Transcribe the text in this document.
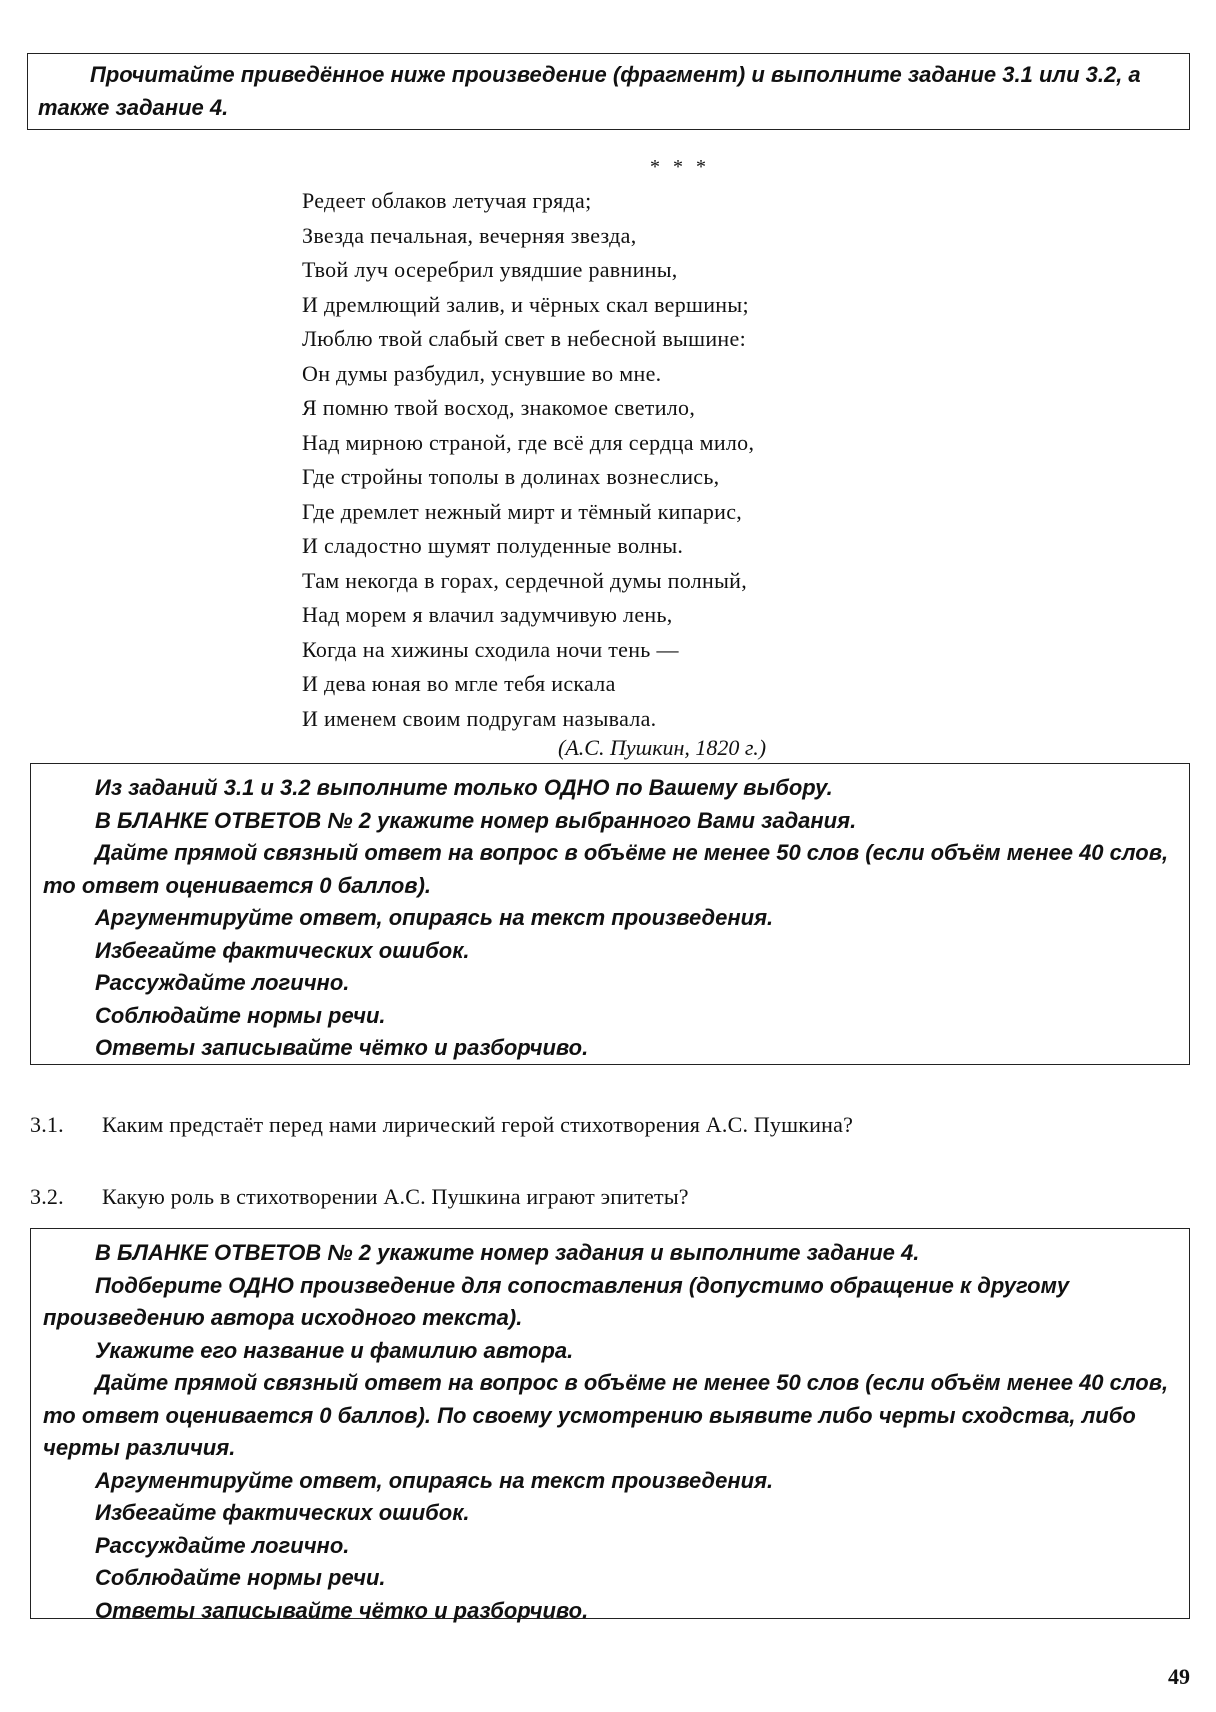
Прочитайте приведённое ниже произведение (фрагмент) и выполните задание 3.1 или 3.2, а также задание 4.

* * *
Редеет облаков летучая гряда;
Звезда печальная, вечерняя звезда,
Твой луч осеребрил увядшие равнины,
И дремлющий залив, и чёрных скал вершины;
Люблю твой слабый свет в небесной вышине:
Он думы разбудил, уснувшие во мне.
Я помню твой восход, знакомое светило,
Над мирною страной, где всё для сердца мило,
Где стройны тополы в долинах вознеслись,
Где дремлет нежный мирт и тёмный кипарис,
И сладостно шумят полуденные волны.
Там некогда в горах, сердечной думы полный,
Над морем я влачил задумчивую лень,
Когда на хижины сходила ночи тень —
И дева юная во мгле тебя искала
И именем своим подругам называла.
(А.С. Пушкин, 1820 г.)

Из заданий 3.1 и 3.2 выполните только ОДНО по Вашему выбору.

В БЛАНКЕ ОТВЕТОВ № 2 укажите номер выбранного Вами задания.

Дайте прямой связный ответ на вопрос в объёме не менее 50 слов (если объём менее 40 слов, то ответ оценивается 0 баллов).

Аргументируйте ответ, опираясь на текст произведения.

Избегайте фактических ошибок.

Рассуждайте логично.

Соблюдайте нормы речи.

Ответы записывайте чётко и разборчиво.

3.1. Каким предстаёт перед нами лирический герой стихотворения А.С. Пушкина?
3.2. Какую роль в стихотворении А.С. Пушкина играют эпитеты?

В БЛАНКЕ ОТВЕТОВ № 2 укажите номер задания и выполните задание 4.

Подберите ОДНО произведение для сопоставления (допустимо обращение к другому произведению автора исходного текста).

Укажите его название и фамилию автора.

Дайте прямой связный ответ на вопрос в объёме не менее 50 слов (если объём менее 40 слов, то ответ оценивается 0 баллов). По своему усмотрению выявите либо черты сходства, либо черты различия.

Аргументируйте ответ, опираясь на текст произведения.

Избегайте фактических ошибок.

Рассуждайте логично.

Соблюдайте нормы речи.

Ответы записывайте чётко и разборчиво.

49
